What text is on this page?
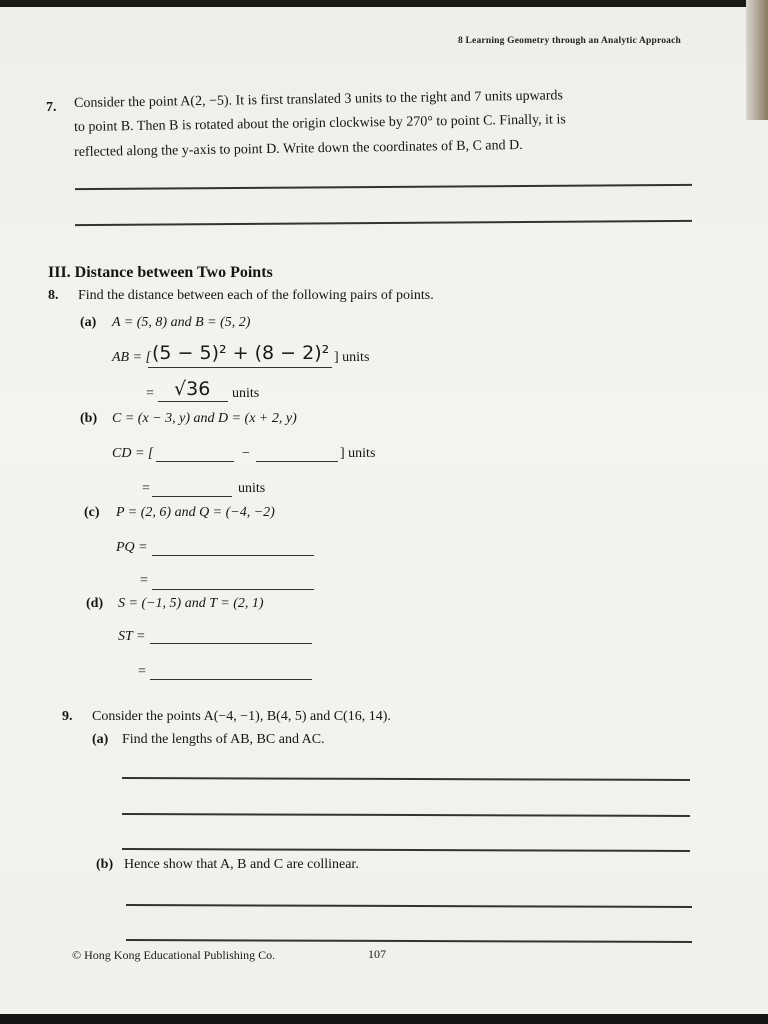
8 Learning Geometry through an Analytic Approach
7. Consider the point A(2, −5). It is first translated 3 units to the right and 7 units upwards
to point B. Then B is rotated about the origin clockwise by 270° to point C. Finally, it is
reflected along the y-axis to point D. Write down the coordinates of B, C and D.
III. Distance between Two Points
8. Find the distance between each of the following pairs of points.
(a) A = (5, 8) and B = (5, 2)
AB = [ (5 − 5)² + (8 − 2)² ] units
= √36 units
(b) C = (x − 3, y) and D = (x + 2, y)
CD = [	−	] units
=	units
(c) P = (2, 6) and Q = (−4, −2)
PQ =
=
(d) S = (−1, 5) and T = (2, 1)
ST =
=
9. Consider the points A(−4, −1), B(4, 5) and C(16, 14).
(a) Find the lengths of AB, BC and AC.
(b) Hence show that A, B and C are collinear.
© Hong Kong Educational Publishing Co.	107
